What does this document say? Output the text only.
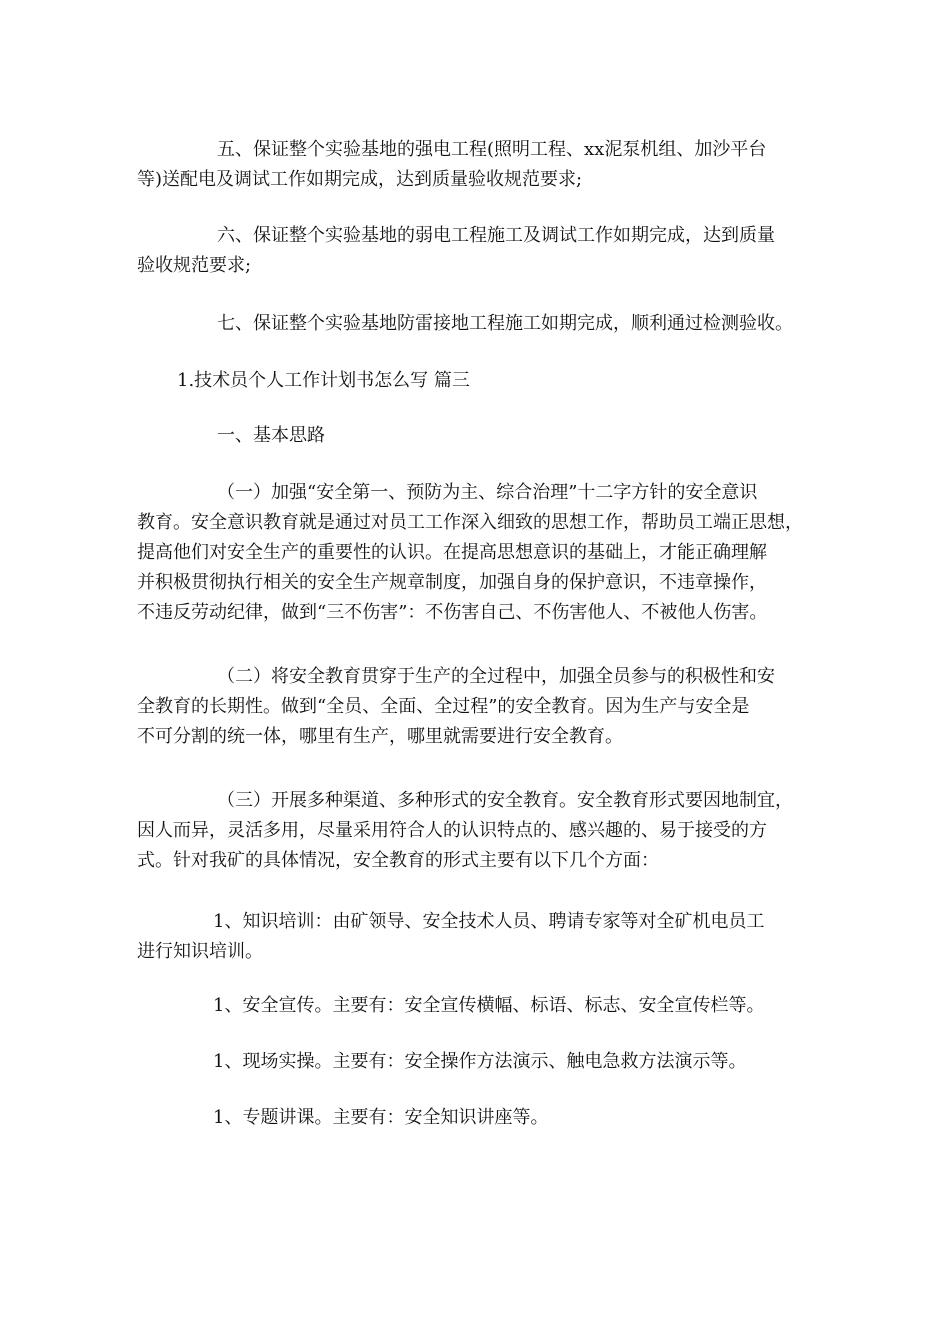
五、保证整个实验基地的强电工程(照明工程、xx泥泵机组、加沙平台
等)送配电及调试工作如期完成，达到质量验收规范要求;
六、保证整个实验基地的弱电工程施工及调试工作如期完成，达到质量
验收规范要求;
七、保证整个实验基地防雷接地工程施工如期完成，顺利通过检测验收。
1.技术员个人工作计划书怎么写 篇三
一、基本思路
（一）加强“安全第一、预防为主、综合治理”十二字方针的安全意识
教育。安全意识教育就是通过对员工工作深入细致的思想工作，帮助员工端正思想，
提高他们对安全生产的重要性的认识。在提高思想意识的基础上，才能正确理解
并积极贯彻执行相关的安全生产规章制度，加强自身的保护意识，不违章操作，
不违反劳动纪律，做到“三不伤害”：不伤害自己、不伤害他人、不被他人伤害。
（二）将安全教育贯穿于生产的全过程中，加强全员参与的积极性和安
全教育的长期性。做到“全员、全面、全过程”的安全教育。因为生产与安全是
不可分割的统一体，哪里有生产，哪里就需要进行安全教育。
（三）开展多种渠道、多种形式的安全教育。安全教育形式要因地制宜，
因人而异，灵活多用，尽量采用符合人的认识特点的、感兴趣的、易于接受的方
式。针对我矿的具体情况，安全教育的形式主要有以下几个方面：
1、知识培训：由矿领导、安全技术人员、聘请专家等对全矿机电员工
进行知识培训。
1、安全宣传。主要有：安全宣传横幅、标语、标志、安全宣传栏等。
1、现场实操。主要有：安全操作方法演示、触电急救方法演示等。
1、专题讲课。主要有：安全知识讲座等。
